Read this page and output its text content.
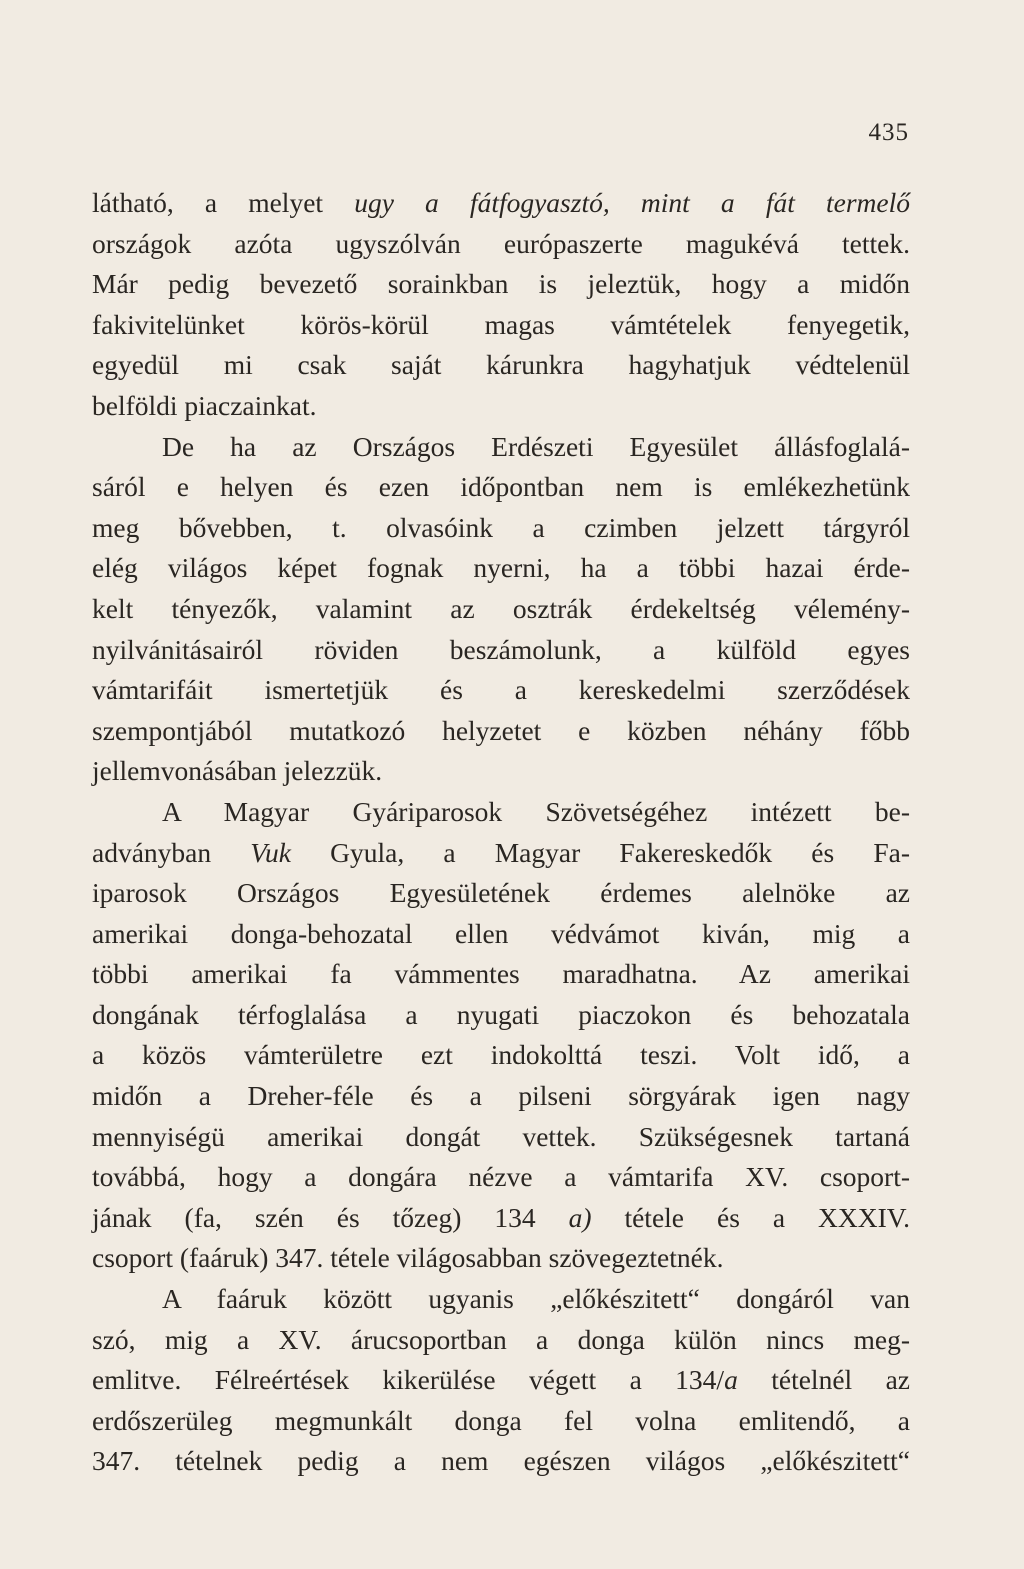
435
látható, a melyet ugy a fátfogyasztó, mint a fát termelő
országok azóta ugyszólván európaszerte magukévá tettek.
Már pedig bevezető sorainkban is jeleztük, hogy a midőn
fakivitelünket körös-körül magas vámtételek fenyegetik,
egyedül mi csak saját kárunkra hagyhatjuk védtelenül
belföldi piaczainkat.
De ha az Országos Erdészeti Egyesület állásfoglalá-
sáról e helyen és ezen időpontban nem is emlékezhetünk
meg bővebben, t. olvasóink a czimben jelzett tárgyról
elég világos képet fognak nyerni, ha a többi hazai érde-
kelt tényezők, valamint az osztrák érdekeltség vélemény-
nyilvánitásairól röviden beszámolunk, a külföld egyes
vámtarifáit ismertetjük és a kereskedelmi szerződések
szempontjából mutatkozó helyzetet e közben néhány főbb
jellemvonásában jelezzük.
A Magyar Gyáriparosok Szövetségéhez intézett be-
adványban Vuk Gyula, a Magyar Fakereskedők és Fa-
iparosok Országos Egyesületének érdemes alelnöke az
amerikai donga-behozatal ellen védvámot kiván, mig a
többi amerikai fa vámmentes maradhatna. Az amerikai
dongának térfoglalása a nyugati piaczokon és behozatala
a közös vámterületre ezt indokolttá teszi. Volt idő, a
midőn a Dreher-féle és a pilseni sörgyárak igen nagy
mennyiségü amerikai dongát vettek. Szükségesnek tartaná
továbbá, hogy a dongára nézve a vámtarifa XV. csoport-
jának (fa, szén és tőzeg) 134 a) tétele és a XXXIV.
csoport (faáruk) 347. tétele világosabban szövegeztetnék.
A faáruk között ugyanis „előkészitett“ dongáról van
szó, mig a XV. árucsoportban a donga külön nincs meg-
emlitve. Félreértések kikerülése végett a 134/a tételnél az
erdőszerüleg megmunkált donga fel volna emlitendő, a
347. tételnek pedig a nem egészen világos „előkészitett“
